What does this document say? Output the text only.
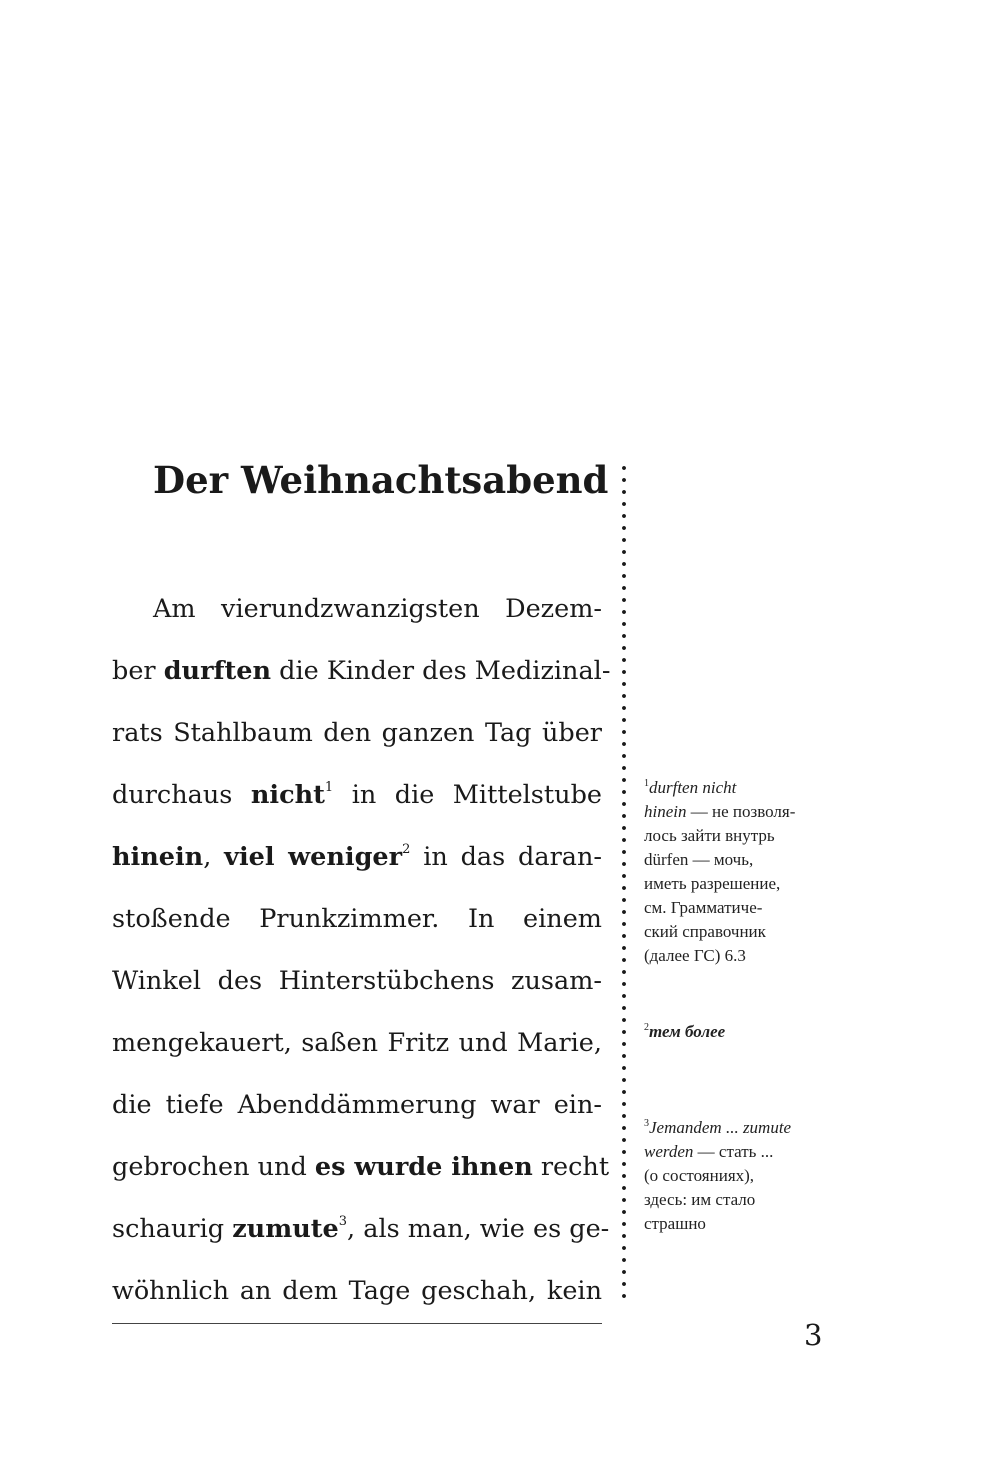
Der Weihnachtsabend
Am vierundzwanzigsten Dezem-
ber durften die Kinder des Medizinal-
rats Stahlbaum den ganzen Tag über
durchaus nicht$^1$ in die Mittelstube
hinein, viel weniger$^2$ in das daran-
stoßende Prunkzimmer. In einem
Winkel des Hinterstübchens zusam-
mengekauert, saßen Fritz und Marie,
die tiefe Abenddämmerung war ein-
gebrochen und es wurde ihnen recht
schaurig zumute$^3$, als man, wie es ge-
wöhnlich an dem Tage geschah, kein
$^1$durften nicht
hinein — не позволя-
лось зайти внутрь
dürfen — мочь,
иметь разрешение,
см. Грамматиче-
ский справочник
(далее ГС) 6.3
$^2$тем более
$^3$Jemandem ... zumute
werden — стать ...
(о состояниях),
здесь: им стало
страшно
3
